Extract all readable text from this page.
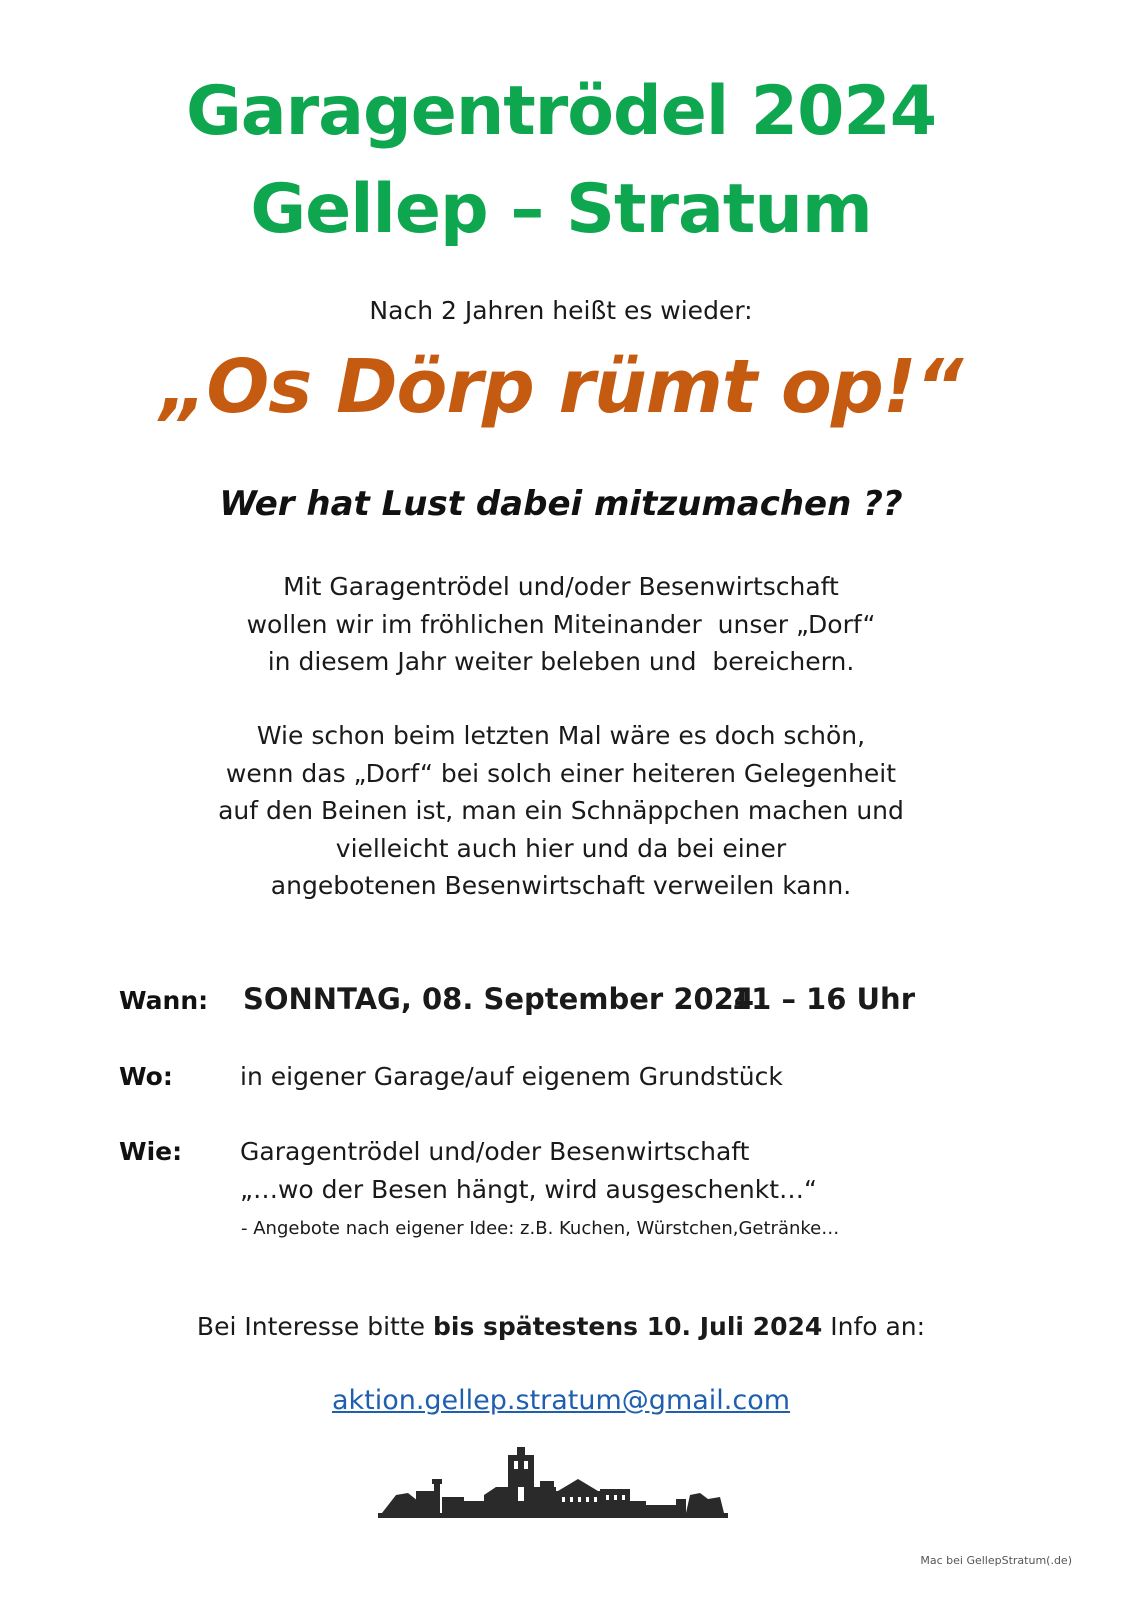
Garagentrödel 2024
Gellep – Stratum
Nach 2 Jahren heißt es wieder:
„Os Dörp rümt op!“
Wer hat Lust dabei mitzumachen ??
Mit Garagentrödel und/oder Besenwirtschaft
wollen wir im fröhlichen Miteinander  unser „Dorf“
in diesem Jahr weiter beleben und  bereichern.
Wie schon beim letzten Mal wäre es doch schön,
wenn das „Dorf“ bei solch einer heiteren Gelegenheit
auf den Beinen ist, man ein Schnäppchen machen und
vielleicht auch hier und da bei einer
angebotenen Besenwirtschaft verweilen kann.
Wann: SONNTAG, 08. September 2024
11 – 16 Uhr
Wo:	in eigener Garage/auf eigenem Grundstück
Wie: Garagentrödel und/oder Besenwirtschaft
„…wo der Besen hängt, wird ausgeschenkt…“
- Angebote nach eigener Idee: z.B. Kuchen, Würstchen,Getränke…
Bei Interesse bitte bis spätestens 10. Juli 2024 Info an:
aktion.gellep.stratum@gmail.com
Mac bei GellepStratum(.de)
